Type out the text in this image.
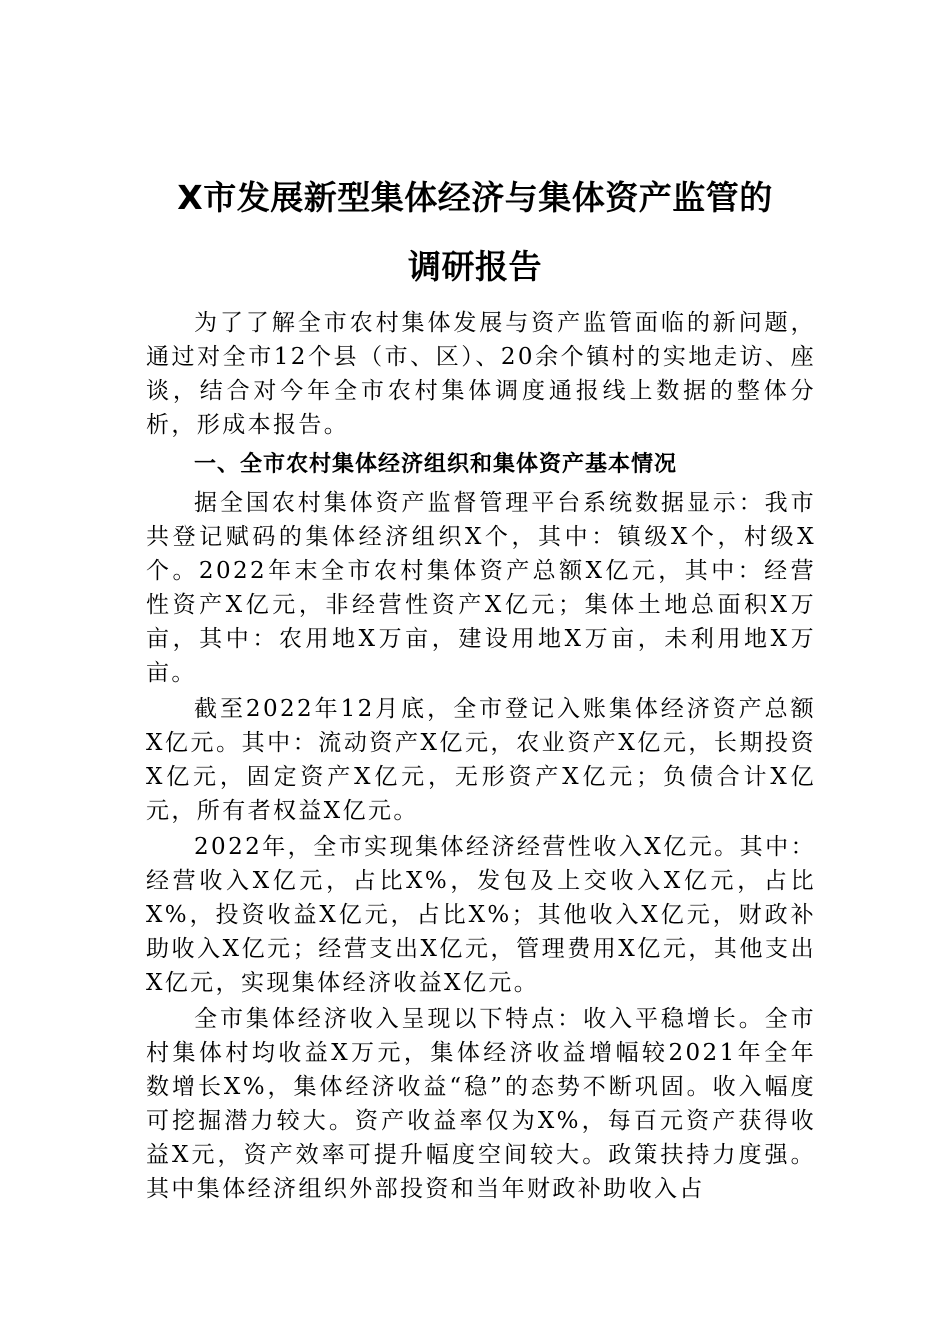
X市发展新型集体经济与集体资产监管的
调研报告

为了了解全市农村集体发展与资产监管面临的新问题，通过对全市12个县（市、区）、20余个镇村的实地走访、座谈，结合对今年全市农村集体调度通报线上数据的整体分析，形成本报告。

一、全市农村集体经济组织和集体资产基本情况

据全国农村集体资产监督管理平台系统数据显示：我市共登记赋码的集体经济组织X个，其中：镇级X个，村级X个。2022年末全市农村集体资产总额X亿元，其中：经营性资产X亿元，非经营性资产X亿元；集体土地总面积X万亩，其中：农用地X万亩，建设用地X万亩，未利用地X万亩。

截至2022年12月底，全市登记入账集体经济资产总额X亿元。其中：流动资产X亿元，农业资产X亿元，长期投资X亿元，固定资产X亿元，无形资产X亿元；负债合计X亿元，所有者权益X亿元。

2022年，全市实现集体经济经营性收入X亿元。其中：经营收入X亿元，占比X%，发包及上交收入X亿元，占比X%，投资收益X亿元，占比X%；其他收入X亿元，财政补助收入X亿元；经营支出X亿元，管理费用X亿元，其他支出X亿元，实现集体经济收益X亿元。

全市集体经济收入呈现以下特点：收入平稳增长。全市村集体村均收益X万元，集体经济收益增幅较2021年全年数增长X%，集体经济收益“稳”的态势不断巩固。收入幅度可挖掘潜力较大。资产收益率仅为X%，每百元资产获得收益X元，资产效率可提升幅度空间较大。政策扶持力度强。其中集体经济组织外部投资和当年财政补助收入占
